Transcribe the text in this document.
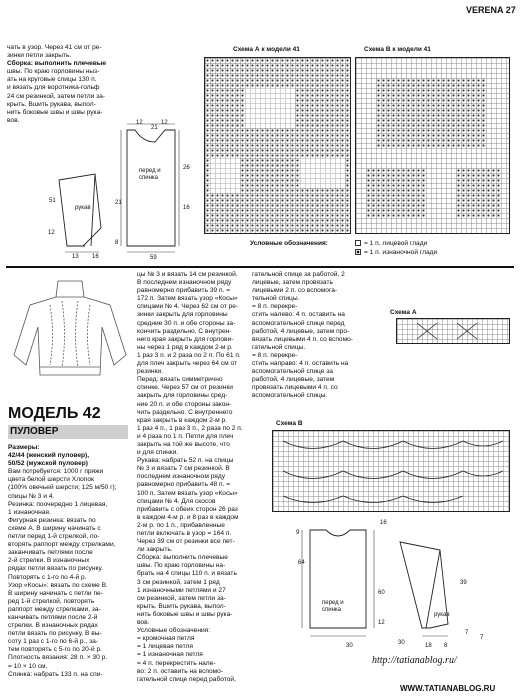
VERENA 27

чать в узор. Через 41 см от ре-

зинки петли закрыть.

Сборка: выполнить плечевые

швы. По краю горловины ныз-

ать на круговые спицы 130 п.

и вязать для воротника-гольф

24 см резинкой, затем петли за-

крыть. Вшить рукава, выпол-

нить боковые швы и швы рука-

вов.	12
21
12
26
51	21
16
12
13 16
8
рукав
перед и спинка
59
Схема А к модели 41	Схема В к модели 41
Условные обозначения:	= 1 п. лицевой глади
= 1 п. изнаночной глади
МОДЕЛЬ 42
ПУЛОВЕР

Размеры:

42/44 (женский пуловер),

50/52 (мужской пуловер)

Вам потребуется: 1000 г пряжи

цвета белой шерсти Хлопок

(100% овечьей шерсти; 125 м/50 г);

спицы № 3 и 4.

Резинка: поочередно 1 лицевая,

1 изнаночная.

Фигурная резинка: вязать по

схеме А. В ширину начинать с

петли перед 1-й стрелкой, по-

вторять раппорт между стрелками,

заканчивать петлями после

2-й стрелки. В изнаночных

рядах петли вязать по рисунку.

Повторять с 1-го по 4-й р.

Узор «Косы»: вязать по схеме В.

В ширину начинать с петли пе-

ред 1-й стрелкой, повторять

раппорт между стрелками, за-

канчивать петлями после 2-й

стрелки. В изнаночных рядах

петли вязать по рисунку. В вы-

соту 1 раз с 1-го по 6-й р., за-

тем повторять с 5-го по 20-й р.

Плотность вязания: 28 п. × 30 р.

= 10 × 10 см.

Спинка: набрать 133 п. на спи-

цы № 3 и вязать 14 см резинкой.

В последнем изнаночном ряду

равномерно прибавить 39 п. =

172 п. Затем вязать узор «Косы»

спицами № 4. Через 62 см от ре-

зинки закрыть для горловины

средние 30 п. и обе стороны за-

кончить раздельно. С внутрен-

него края закрыть для горлови-

ны через 1 ряд в каждом 2-м р.

1 раз 3 п. и 2 раза по 2 п. По 61 п.

для плеч закрыть через 64 см от

резинки.

Перед: вязать симметрично

спинке. Через 57 см от резинки

закрыть для горловины сред-

ние 20 п. и обе стороны закон-

чить раздельно. С внутреннего

края закрыть в каждом 2-м р.

1 раз 4 п., 1 раз 3 п., 2 раза по 2 п.

и 4 раза по 1 п. Петли для плеч

закрыть на той же высоте, что

и для спинки.

Рукава: набрать 52 п. на спицы

№ 3 и вязать 7 см резинкой. В

последнем изнаночном ряду

равномерно прибавить 48 п. =

100 п. Затем вязать узор «Косы»

спицами № 4. Для скосов

прибавить с обеих сторон 26 раз

в каждом 4-м р. и 8 раз в каждом

2-м р. по 1 п., прибавленные

петли включать в узор = 164 п.

Через 39 см от резинки все пет-

ли закрыть.

Сборка: выполнить плечевые

швы. По краю горловины на-

брать на 4 спицы 110 п. и вязать

3 см резинкой, затем 1 ряд

1 изнаночными петлями и 27

см резинкой, затем петли за-

крыть. Вшить рукава, выпол-

нить боковые швы и швы рука-

вов.

Условные обозначения:

= кромочная петля

= 1 лицевая петля

= 1 изнаночная петля

= 4 п. перекрестить нале-

во: 2 п. оставить на вспомо-

гательной спице перед работой,

гательной спице за работой, 2

лицевые, затем провязать

лицевыми 2 п. со вспомога-

тельной спицы.

= 8 п. перекре-

стить налево: 4 п. оставить на

вспомогательной спице перед

работой, 4 лицевые, затем про-

вязать лицевыми 4 п. со вспомо-

гательной спицы.

= 8 п. перекре-

стить направо: 4 п. оставить на

вспомогательной спице за

работой, 4 лицевые, затем

провязать лицевыми 4 п. со

вспомогательной спицы.

Схема А
Схема В
перед и спинка
рукав
9
30
16
64
60
12
39
7
30	18 8
7
http://tatianablog.ru/
WWW.TATIANABLOG.RU
